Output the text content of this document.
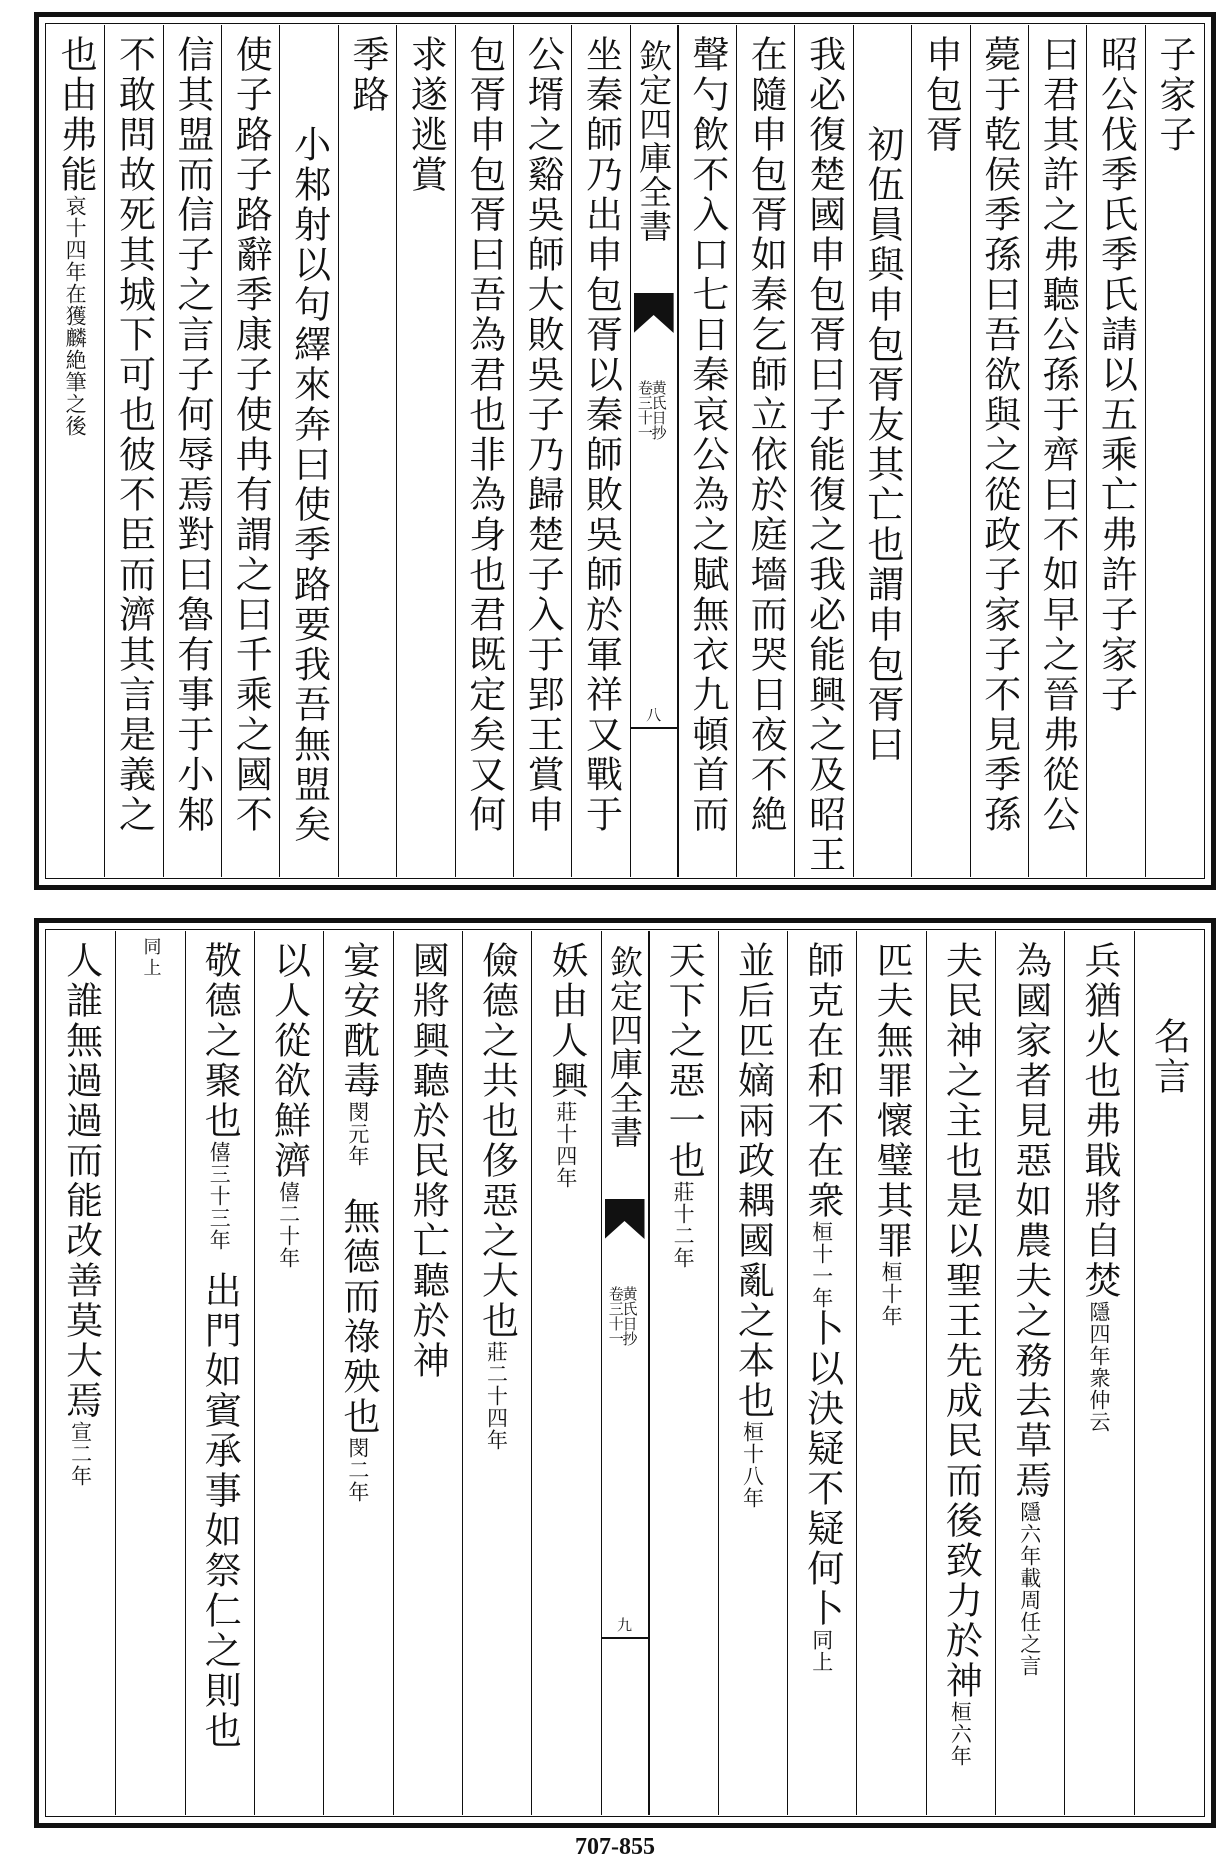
子家子
昭公伐季氏季氏請以五乘亡弗許子家子
曰君其許之弗聽公孫于齊曰不如早之晉弗從公
薨于乾侯季孫曰吾欲與之從政子家子不見季孫
申包胥
初伍員與申包胥友其亡也謂申包胥曰
我必復楚國申包胥曰子能復之我必能興之及昭王
在隨申包胥如秦乞師立依於庭墻而哭日夜不絶
聲勺飲不入口七日秦哀公為之賦無衣九頓首而
欽定四庫全書
黄氏日抄
卷三十一
八
坐秦師乃出申包胥以秦師敗吳師於軍祥又戰于
公壻之谿吳師大敗吳子乃歸楚子入于郢王賞申
包胥申包胥曰吾為君也非為身也君既定矣又何
求遂逃賞
季路
小邾射以句繹來奔曰使季路要我吾無盟矣
使子路子路辭季康子使冉有謂之曰千乘之國不
信其盟而信子之言子何辱焉對曰魯有事于小邾
不敢問故死其城下可也彼不臣而濟其言是義之
也由弗能哀十四年在獲麟絶筆之後
名言
兵猶火也弗戢將自焚隱四年衆仲云
為國家者見惡如農夫之務去草焉隱六年載周任之言
夫民神之主也是以聖王先成民而後致力於神桓六年
匹夫無罪懷璧其罪桓十年
師克在和不在衆桓十一年卜以決疑不疑何卜同上
並后匹嫡兩政耦國亂之本也桓十八年
天下之惡一也莊十二年
欽定四庫全書
黄氏日抄
卷三十一
九
妖由人興莊十四年
儉德之共也侈惡之大也莊二十四年
國將興聽於民將亡聽於神
宴安酖毒閔元年無德而祿殃也閔二年
以人從欲鮮濟僖二十年
敬德之聚也僖三十三年出門如賓承事如祭仁之則也
同上
人誰無過過而能改善莫大焉宣二年
707-855
